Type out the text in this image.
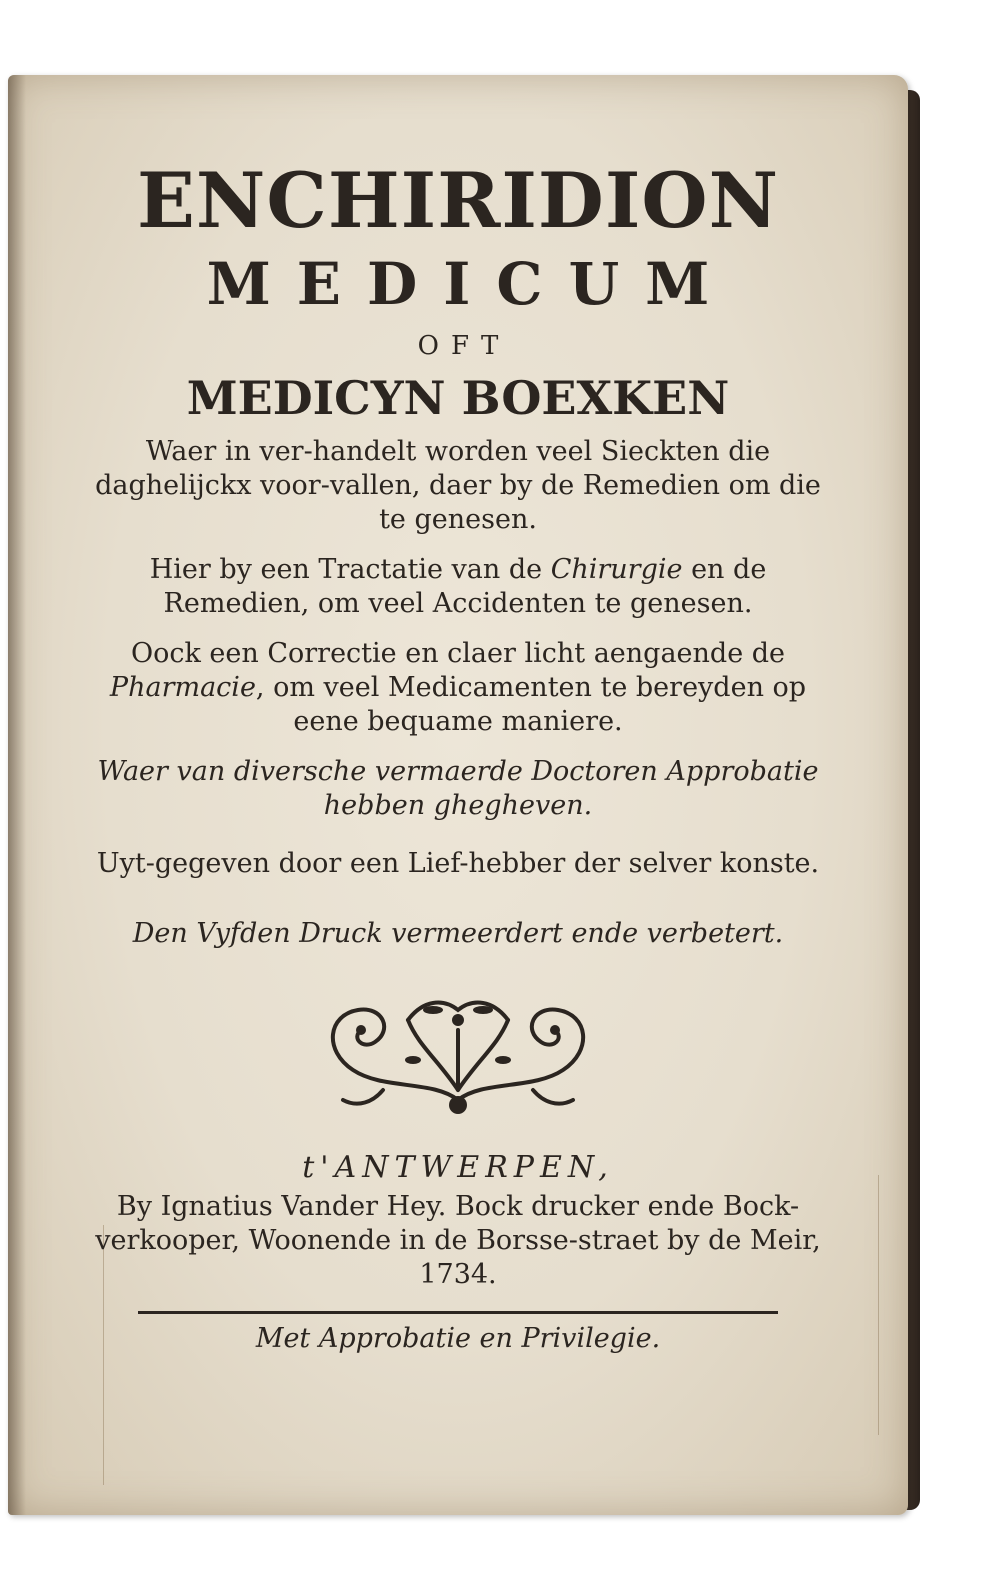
ENCHIRIDION
MEDICUM
OFT
MEDICYN BOEXKEN
Waer in ver-handelt worden veel Sieckten die daghelijckx voor-vallen, daer by de Remedien om die te genesen.
Hier by een Tractatie van de Chirurgie en de Remedien, om veel Accidenten te genesen.
Oock een Correctie en claer licht aengaende de Pharmacie, om veel Medicamenten te bereyden op eene bequame maniere.
Waer van diversche vermaerde Doctoren Approbatie hebben ghegheven.
Uyt-gegeven door een Lief-hebber der selver konste.
Den Vyfden Druck vermeerdert ende verbetert.
t'ANTWERPEN,
By Ignatius Vander Hey. Bock drucker ende Bock-verkooper, Woonende in de Borsse-straet by de Meir, 1734.
Met Approbatie en Privilegie.
